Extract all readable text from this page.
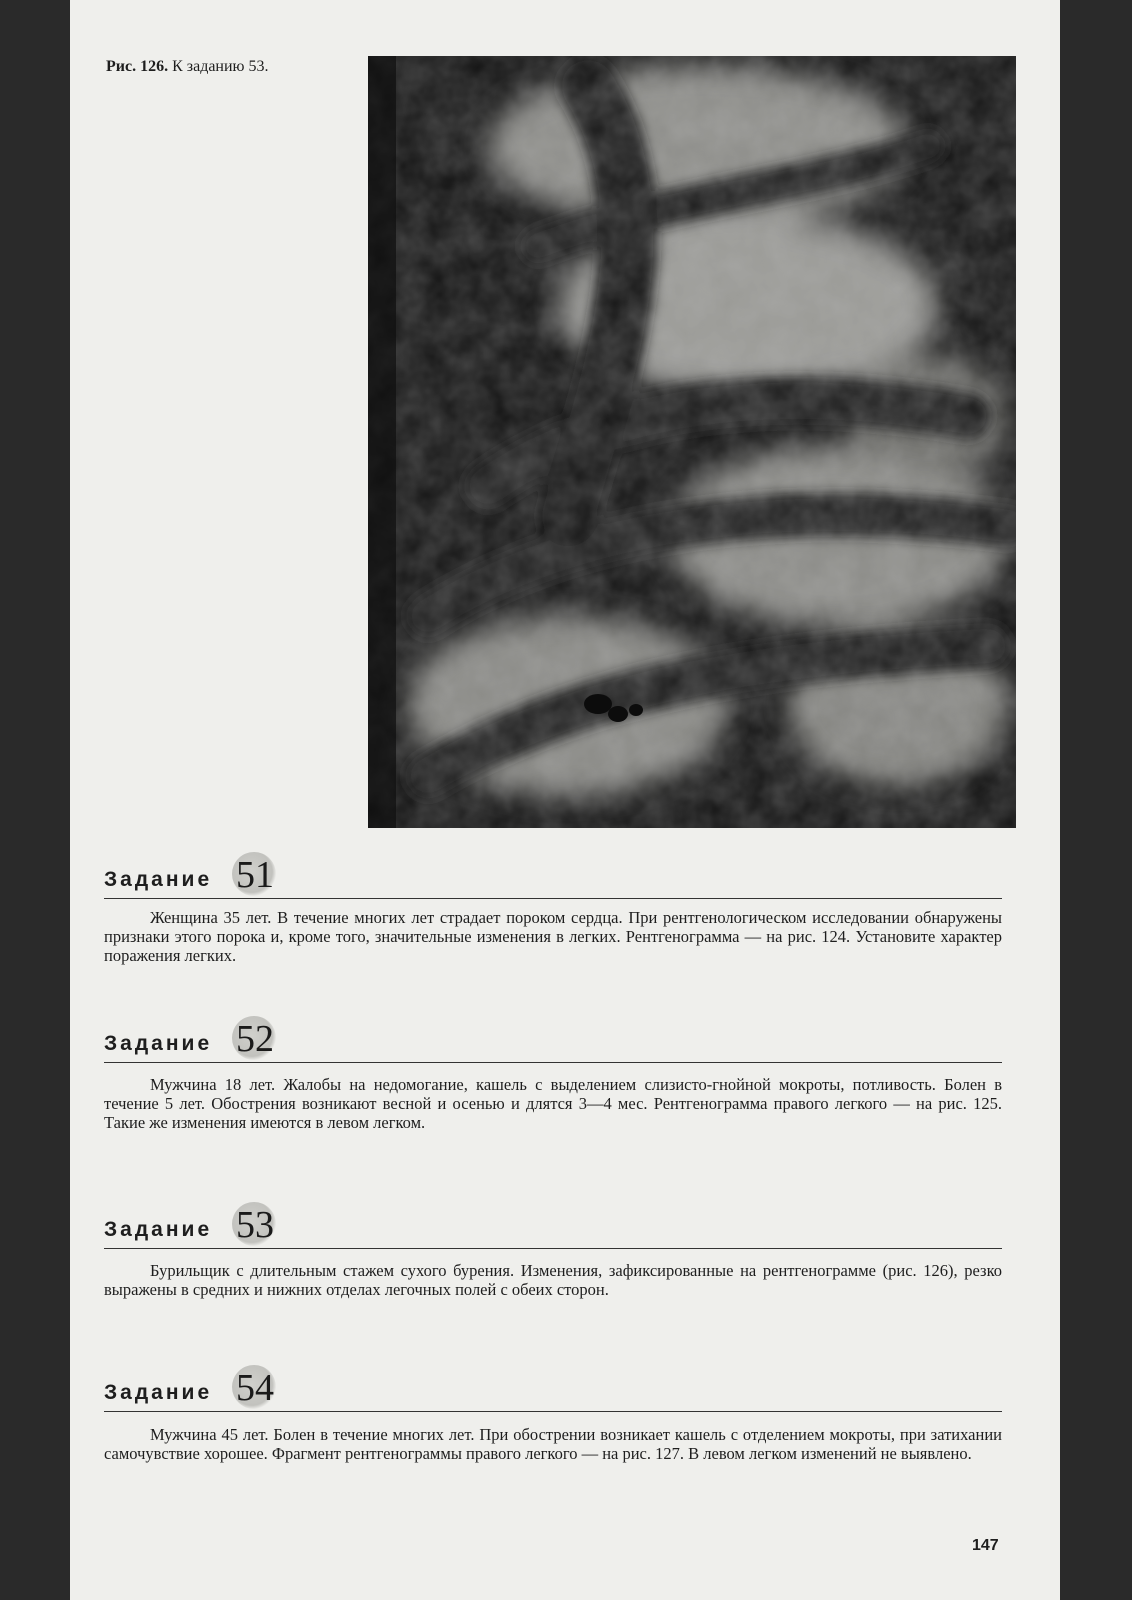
Рис. 126. К заданию 53.
Задание 51
Женщина 35 лет. В течение многих лет страдает пороком сердца. При рентгенологическом исследовании обнаружены признаки этого порока и, кроме того, значительные изменения в легких. Рентгенограмма — на рис. 124. Установите характер поражения легких.
Задание 52
Мужчина 18 лет. Жалобы на недомогание, кашель с выделением слизисто-гнойной мокроты, потливость. Болен в течение 5 лет. Обострения возникают весной и осенью и длятся 3—4 мес. Рентгенограмма правого легкого — на рис. 125. Такие же изменения имеются в левом легком.
Задание 53
Бурильщик с длительным стажем сухого бурения. Изменения, зафиксированные на рентгенограмме (рис. 126), резко выражены в средних и нижних отделах легочных полей с обеих сторон.
Задание 54
Мужчина 45 лет. Болен в течение многих лет. При обострении возникает кашель с отделением мокроты, при затихании самочувствие хорошее. Фрагмент рентгенограммы правого легкого — на рис. 127. В левом легком изменений не выявлено.
147
